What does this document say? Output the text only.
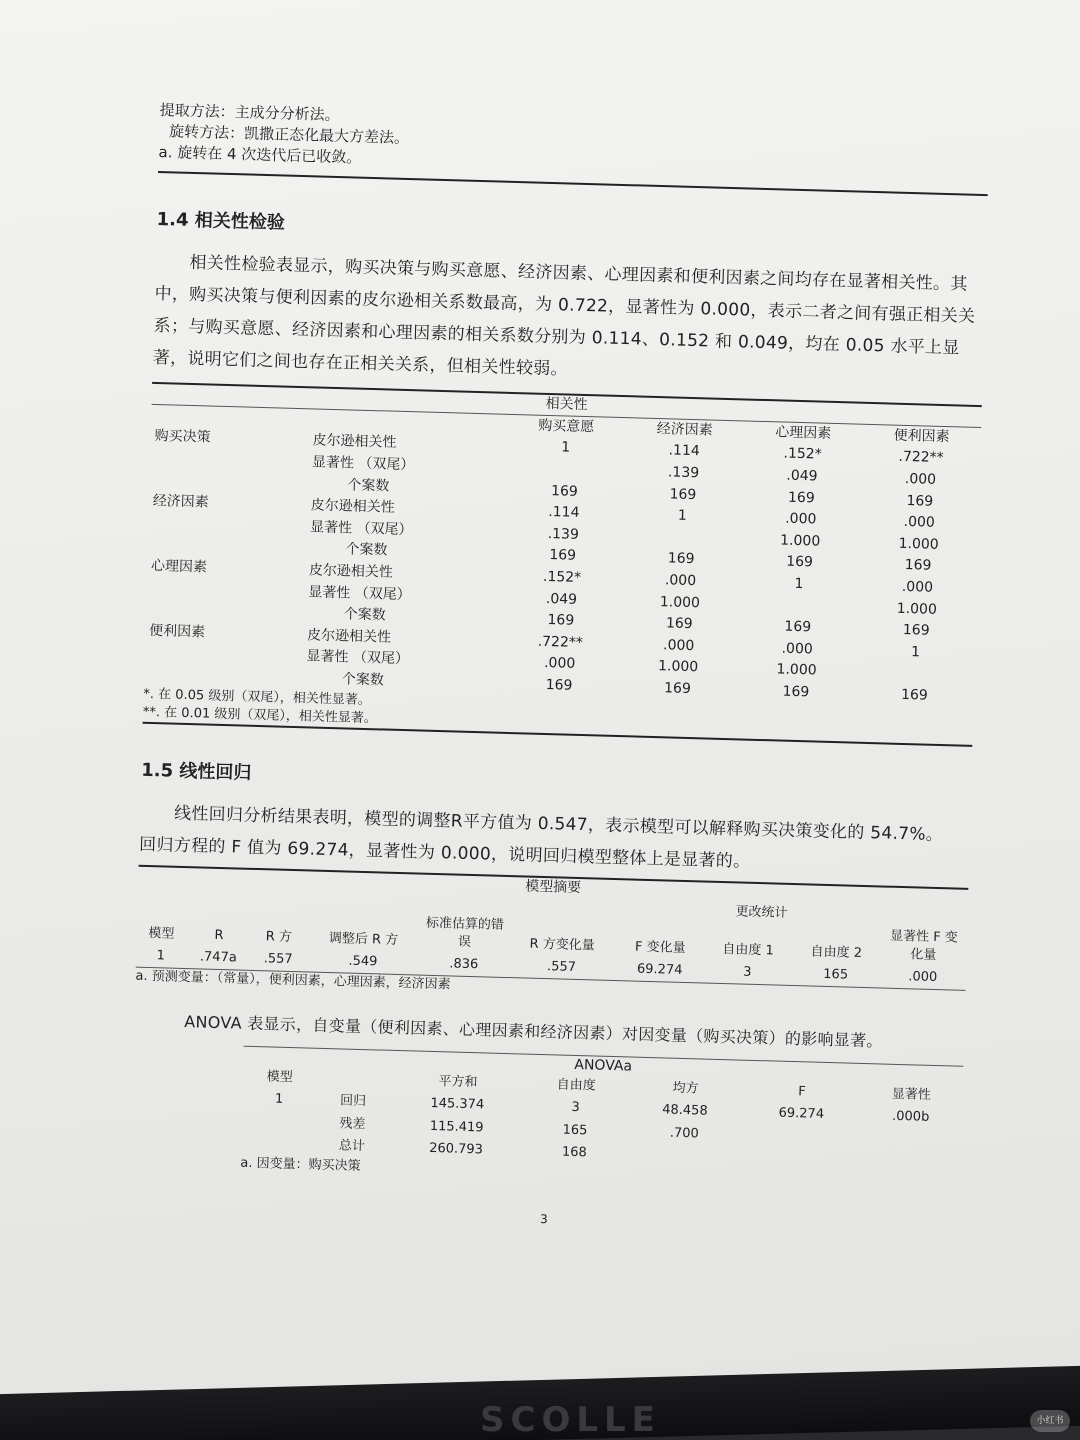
提取方法：主成分分析法。
旋转方法：凯撒正态化最大方差法。
a. 旋转在 4 次迭代后已收敛。
1.4 相关性检验
相关性检验表显示，购买决策与购买意愿、经济因素、心理因素和便利因素之间均存在显著相关性。其中，购买决策与便利因素的皮尔逊相关系数最高，为 0.722，显著性为 0.000，表示二者之间有强正相关关系；与购买意愿、经济因素和心理因素的相关系数分别为 0.114、0.152 和 0.049，均在 0.05 水平上显著，说明它们之间也存在正相关关系，但相关性较弱。
相关性
		购买意愿	经济因素	心理因素	便利因素
购买决策	皮尔逊相关性	1	.114	.152*	.722**
	显著性 （双尾）		.139	.049	.000
	个案数	169	169	169	169
经济因素	皮尔逊相关性	.114	1	.000	.000
	显著性 （双尾）	.139		1.000	1.000
	个案数	169	169	169	169
心理因素	皮尔逊相关性	.152*	.000	1	.000
	显著性 （双尾）	.049	1.000		1.000
	个案数	169	169	169	169
便利因素	皮尔逊相关性	.722**	.000	.000	1
	显著性 （双尾）	.000	1.000	1.000	
	个案数	169	169	169	169
*. 在 0.05 级别（双尾），相关性显著。
**. 在 0.01 级别（双尾），相关性显著。
1.5 线性回归
线性回归分析结果表明，模型的调整R平方值为 0.547，表示模型可以解释购买决策变化的 54.7%。
回归方程的 F 值为 69.274，显著性为 0.000，说明回归模型整体上是显著的。
模型摘要
更改统计
模型	R	R 方	调整后 R 方	标准估算的错误	R 方变化量	F 变化量	自由度 1	自由度 2	显著性 F 变化量
1	.747a	.557	.549	.836	.557	69.274	3	165	.000
a. 预测变量：（常量），便利因素，心理因素，经济因素
ANOVA 表显示，自变量（便利因素、心理因素和经济因素）对因变量（购买决策）的影响显著。
ANOVAa
模型		平方和	自由度	均方	F	显著性
1	回归	145.374	3	48.458	69.274	.000b
	残差	115.419	165	.700		
	总计	260.793	168			
a. 因变量：购买决策
3
SCOLLE	小红书
